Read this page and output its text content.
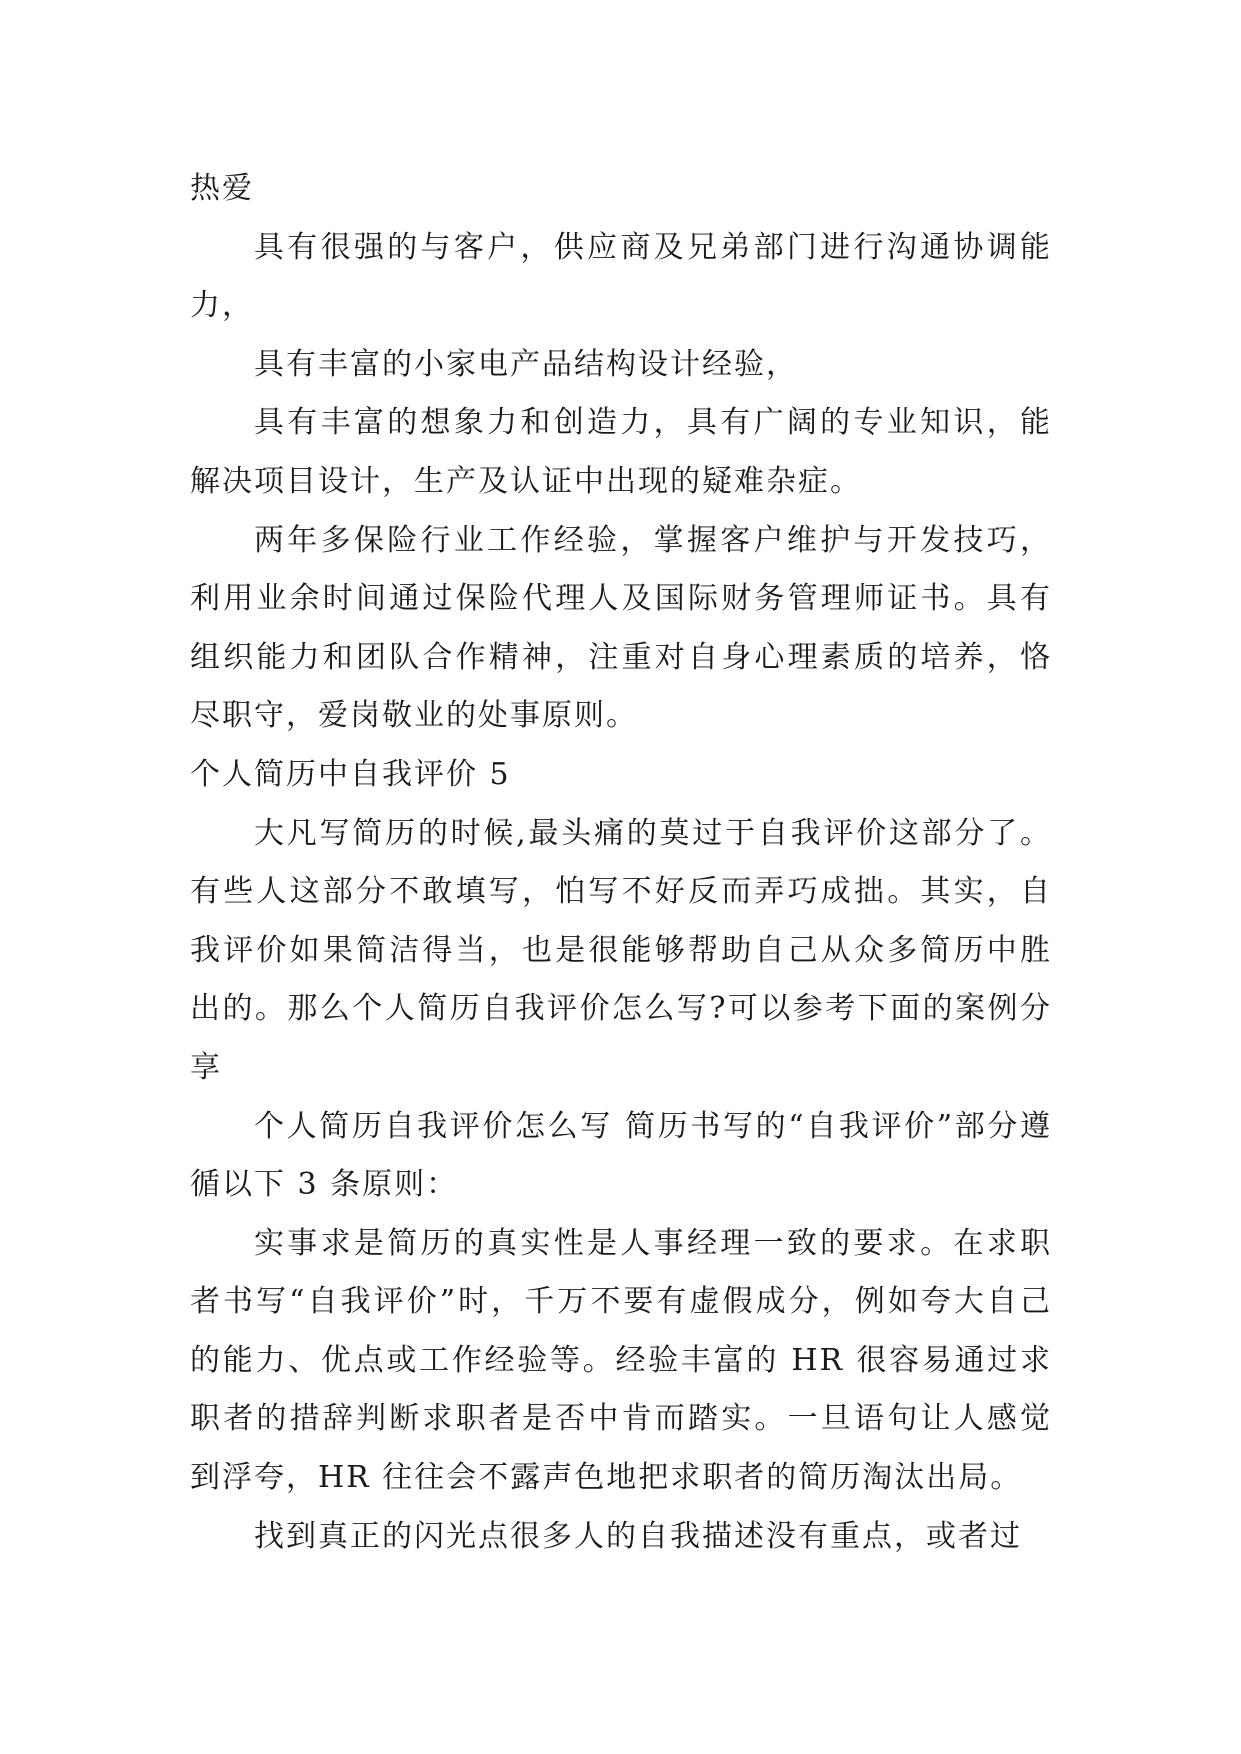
热爱

具有很强的与客户，供应商及兄弟部门进行沟通协调能力，

具有丰富的小家电产品结构设计经验，

具有丰富的想象力和创造力，具有广阔的专业知识，能解决项目设计，生产及认证中出现的疑难杂症。

两年多保险行业工作经验，掌握客户维护与开发技巧，利用业余时间通过保险代理人及国际财务管理师证书。具有组织能力和团队合作精神，注重对自身心理素质的培养，恪尽职守，爱岗敬业的处事原则。

个人简历中自我评价 5

大凡写简历的时候,最头痛的莫过于自我评价这部分了。有些人这部分不敢填写，怕写不好反而弄巧成拙。其实，自我评价如果简洁得当，也是很能够帮助自己从众多简历中胜出的。那么个人简历自我评价怎么写?可以参考下面的案例分享

个人简历自我评价怎么写 简历书写的“自我评价”部分遵循以下 3 条原则：

实事求是简历的真实性是人事经理一致的要求。在求职者书写“自我评价”时，千万不要有虚假成分，例如夸大自己的能力、优点或工作经验等。经验丰富的 HR 很容易通过求职者的措辞判断求职者是否中肯而踏实。一旦语句让人感觉到浮夸，HR 往往会不露声色地把求职者的简历淘汰出局。

找到真正的闪光点很多人的自我描述没有重点，或者过
